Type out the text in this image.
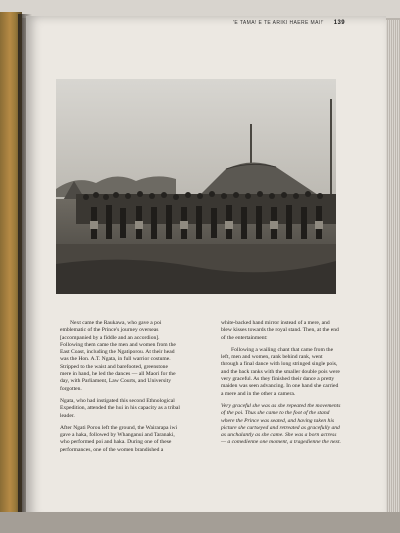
'E TAMA! E TE ARIKI HAERE MAI!' 139

Next came the Raukawa, who gave a poi emblematic of the Prince's journey overseas [accompanied by a fiddle and an accordion]. Following them came the men and women from the East Coast, including the Ngatiporou. At their head was the Hon. A.T. Ngata, in full warrior costume. Stripped to the waist and barefooted, greenstone mere in hand, he led the dances — all Maori for the day, with Parliament, Law Courts, and University forgotten.

Ngata, who had instigated this second Ethnological Expedition, attended the hui in his capacity as a tribal leader.

After Ngati Porou left the ground, the Wairarapa iwi gave a haka, followed by Whanganui and Taranaki, who performed poi and haka. During one of these performances, one of the women brandished a

white-backed hand mirror instead of a mere, and blew kisses towards the royal stand. Then, at the end of the entertainment:

Following a wailing chant that came from the left, men and women, rank behind rank, went through a final dance with long stringed single pois, and the back ranks with the smaller double pois were very graceful. As they finished their dance a pretty maiden was seen advancing. In one hand she carried a mere and in the other a camera.

Very graceful she was as she repeated the movements of the poi. Thus she came to the foot of the stand where the Prince was seated, and having taken his picture she curtseyed and retreated as gracefully and as unchalantly as she came. She was a born actress — a comedienne one moment, a tragedienne the next.
